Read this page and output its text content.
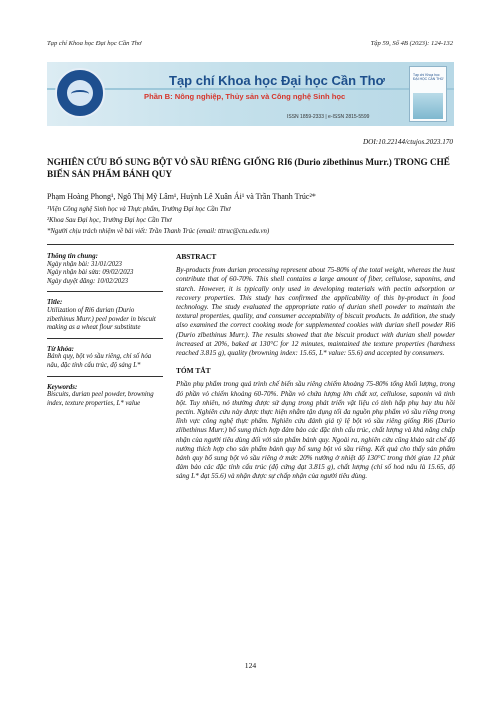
Tạp chí Khoa học Đại học Cần Thơ	Tập 59, Số 4B (2023): 124-132
Tạp chí Khoa học Đại học Cần Thơ
Phần B: Nông nghiệp, Thủy sản và Công nghệ Sinh học
ISSN 1859-2333 | e-ISSN 2815-5599
Tạp chí Khoa học ĐẠI HỌC CẦN THƠ
DOI:10.22144/ctujos.2023.170
NGHIÊN CỨU BỔ SUNG BỘT VỎ SẦU RIÊNG GIỐNG RI6 (Durio zibethinus Murr.) TRONG CHẾ BIẾN SẢN PHẨM BÁNH QUY
Phạm Hoàng Phong¹, Ngô Thị Mỹ Lâm¹, Huỳnh Lê Xuân Ái¹ và Trần Thanh Trúc²*
¹Viện Công nghệ Sinh học và Thực phẩm, Trường Đại học Cần Thơ
²Khoa Sau Đại học, Trường Đại học Cần Thơ
*Người chịu trách nhiệm về bài viết: Trần Thanh Trúc (email: tttruc@ctu.edu.vn)
Thông tin chung:
Ngày nhận bài: 31/01/2023
Ngày nhận bài sửa: 09/02/2023
Ngày duyệt đăng: 10/02/2023
Title:
Utilization of Ri6 durian (Durio zibethinus Murr.) peel powder in biscuit making as a wheat flour substitute
Từ khóa:
Bánh quy, bột vỏ sầu riêng, chỉ số hóa nâu, đặc tính cấu trúc, độ sáng L*
Keywords:
Biscuits, durian peel powder, browning index, texture properties, L* value
ABSTRACT
By-products from durian processing represent about 75-80% of the total weight, whereas the hust contribute that of 60-70%. This shell contains a large amount of fiber, cellulose, saponins, and starch. However, it is typically only used in developing materials with pectin adsorption or recovery properties. This study has confirmed the applicability of this by-product in food technology. The study evaluated the appropriate ratio of durian shell powder to maintain the textural properties, quality, and consumer acceptability of biscuit products. In addition, the study also examined the correct cooking mode for supplemented cookies with durian shell powder Ri6 (Durio zlbethinus Murr.). The results showed that the biscuit product with durian shell powder increased at 20%, baked at 130°C for 12 minutes, maintained the texture properties (hardness reached 3.815 g), quality (browning index: 15.65, L* value: 55.6) and accepted by consumers.
TÓM TẮT
Phần phụ phẩm trong quá trình chế biến sầu riêng chiếm khoảng 75-80% tổng khối lượng, trong đó phần vỏ chiếm khoảng 60-70%. Phần vỏ chứa lượng lớn chất xơ, cellulose, saponin và tinh bột. Tuy nhiên, nó thường được sử dụng trong phát triển vật liệu có tính hấp phụ hay thu hồi pectin. Nghiên cứu này được thực hiện nhằm tận dụng tối đa nguồn phụ phẩm vỏ sầu riêng trong lĩnh vực công nghệ thực phẩm. Nghiên cứu đánh giá tỷ lệ bột vỏ sầu riêng giống Ri6 (Durio zlibethinus Murr.) bổ sung thích hợp đảm bảo các đặc tính cấu trúc, chất lượng và khả năng chấp nhận của người tiêu dùng đối với sản phẩm bánh quy. Ngoài ra, nghiên cứu cũng khảo sát chế độ nướng thích hợp cho sản phẩm bánh quy bổ sung bột vỏ sầu riêng. Kết quả cho thấy sản phẩm bánh quy bổ sung bột vỏ sầu riêng ở mức 20% nướng ở nhiệt độ 130°C trong thời gian 12 phút đảm bảo các đặc tính cấu trúc (độ cứng đạt 3.815 g), chất lượng (chỉ số hoá nâu là 15.65, độ sáng L* đạt 55.6) và nhận được sự chấp nhận của người tiêu dùng.
124
